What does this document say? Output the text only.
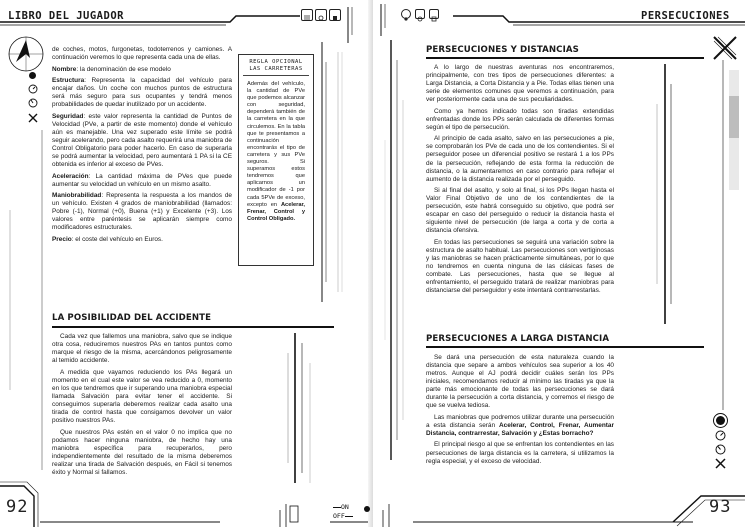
LIBRO DEL JUGADOR
92

de coches, motos, furgonetas, todoterrenos y camiones. A continuación veremos lo que representa cada una de ellas.

Nombre: la denominación de ese modelo

Estructura: Representa la capacidad del vehículo para encajar daños. Un coche con muchos puntos de estructura será más seguro para sus ocupantes y tendrá menos probabilidades de quedar inutilizado por un accidente.

Seguridad: este valor representa la cantidad de Puntos de Velocidad (PVe, a partir de este momento) donde el vehículo aún es manejable. Una vez superado este límite se podrá seguir acelerando, pero cada asalto requerirá una maniobra de Control Obligatorio para poder hacerlo. En caso de superarla se podrá aumentar la velocidad, pero aumentará 1 PA si la CE obtenida es inferior al exceso de PVes.

Aceleración: La cantidad máxima de PVes que puede aumentar su velocidad un vehículo en un mismo asalto.

Maniobrabilidad: Representa la respuesta a los mandos de un vehículo. Existen 4 grados de maniobrabilidad (llamados: Pobre (-1), Normal (+0), Buena (+1) y Excelente (+3). Los valores entre paréntesis se aplicarán siempre como modificadores estructurales.

Precio: el coste del vehículo en Euros.

REGLA OPCIONAL
LAS CARRETERAS
Además del vehículo, la cantidad de PVe que podemos alcanzar con seguridad, dependerá también de la carretera en la que circulemos. En la tabla que te presentamos a continuación encontrarás el tipo de carretera y sus PVe seguros. Si superamos estos tendremos que aplicarnos un modificador de -1 por cada 5PVe de exceso, excepto en Acelerar, Frenar, Control y Control Obligado.
LA POSIBILIDAD DEL ACCIDENTE

Cada vez que fallemos una maniobra, salvo que se indique otra cosa, reduciremos nuestros PAs en tantos puntos como marque el riesgo de la misma, acercándonos peligrosamente al temido accidente.

A medida que vayamos reduciendo los PAs llegará un momento en el cual este valor se vea reducido a 0, momento en los que tendremos que ir superando una maniobra especial llamada Salvación para evitar tener el accidente. Si conseguimos superarla deberemos realizar cada asalto una tirada de control hasta que consigamos devolver un valor positivo nuestros PAs.

Que nuestros PAs estén en el valor 0 no implica que no podamos hacer ninguna maniobra, de hecho hay una maniobra específica para recuperarlos, pero independientemente del resultado de la misma deberemos realizar una tirada de Salvación después, en Fácil si tenemos éxito y Normal si fallamos.

ON
OFF
PERSECUCIONES
PERSECUCIONES Y DISTANCIAS

A lo largo de nuestras aventuras nos encontraremos, principalmente, con tres tipos de persecuciones diferentes: a Larga Distancia, a Corta Distancia y a Pie. Todas ellas tienen una serie de elementos comunes que veremos a continuación, para ver posteriormente cada una de sus peculiaridades.

Como ya hemos indicado todas son tiradas extendidas enfrentadas donde los PPs serán calculada de diferentes formas según el tipo de persecución.

Al principio de cada asalto, salvo en las persecuciones a pie, se comprobarán los PVe de cada uno de los contendientes. Si el perseguidor posee un diferencial positivo se restará 1 a los PPs de la persecución, reflejando de esta forma la reducción de distancia, o la aumentaremos en caso contrario para reflejar el aumento de la distancia realizada por el perseguido.

Si al final del asalto, y solo al final, si los PPs llegan hasta el Valor Final Objetivo de uno de los contendientes de la persecución, este habrá conseguido su objetivo, que podrá ser escapar en caso del perseguido o reducir la distancia hasta el siguiente nivel de persecución (de larga a corta y de corta a distancia ofensiva.

En todas las persecuciones se seguirá una variación sobre la estructura de asalto habitual. Las persecuciones son vertiginosas y las maniobras se hacen prácticamente simultáneas, por lo que no tendremos en cuenta ninguna de las clásicas fases de combate. Las persecuciones, hasta que se llegue al enfrentamiento, el perseguido tratará de realizar maniobras para distanciarse del perseguidor y este intentará contrarrestarlas.

PERSECUCIONES A LARGA DISTANCIA

Se dará una persecución de esta naturaleza cuando la distancia que separe a ambos vehículos sea superior a los 40 metros. Aunque el AJ podrá decidir cuáles serán los PPs iniciales, recomendamos reducir al mínimo las tiradas ya que la parte más emocionante de todas las persecuciones se dará durante la persecución a corta distancia, y corremos el riesgo de que se vuelva tediosa.

Las maniobras que podremos utilizar durante una persecución a esta distancia serán Acelerar, Control, Frenar, Aumentar Distancia, contrarrestar, Salvación y ¿Estas borracho?

El principal riesgo al que se enfrentan los contendientes en las persecuciones de larga distancia es la carretera, si utilizamos la regla especial, y el exceso de velocidad.

93
